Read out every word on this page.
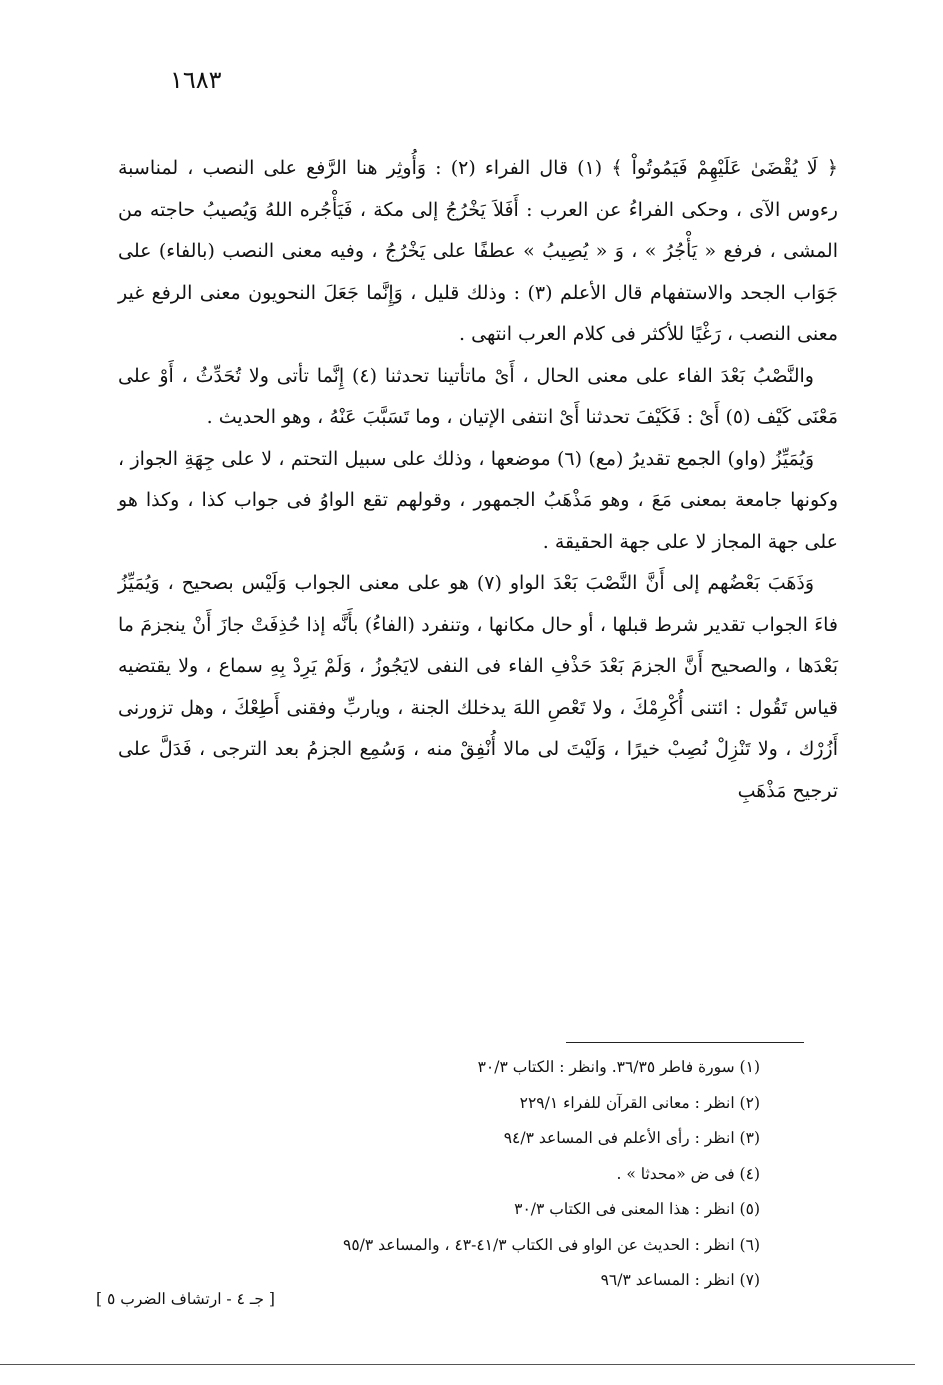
١٦٨٣

﴿ لَا يُقْضَىٰ عَلَيْهِمْ فَيَمُوتُواْ ﴾ (١) قال الفراء (٢) : وَأُوثِر هنا الرَّفع على النصب ، لمناسبة رءوس الآى ، وحكى الفراءُ عن العرب : أَفَلاَ يَخْرُجُ إلى مكة ، فَيَأْجُره اللهُ وَيُصيبُ حاجته من المشى ، فرفع « يَأْجُرُ » ، وَ « يُصِيبُ » عطفًا على يَخْرُجُ ، وفيه معنى النصب (بالفاء) على جَوَاب الجحد والاستفهام قال الأعلم (٣) : وذلك قليل ، وَإِنَّما جَعَلَ النحويون معنى الرفع غير معنى النصب ، رَغْيًا للأكثر فى كلام العرب انتهى .

والنَّصْبُ بَعْدَ الفاء على معنى الحال ، أَىْ ماتأتينا تحدثنا (٤) إِنَّما تأتى ولا تُحَدِّثُ ، أَوْ على مَعْنَى كَيْف (٥) أَىْ : فَكَيْفَ تحدثنا أَىْ انتفى الإتيان ، وما تَسَبَّبَ عَنْهُ ، وهو الحديث .

وَيُمَيِّزُ (واو) الجمع تقديرُ (مع) (٦) موضعها ، وذلك على سبيل التحتم ، لا على جِهَةِ الجواز ، وكونها جامعة بمعنى مَعَ ، وهو مَذْهَبُ الجمهور ، وقولهم تقع الواوُ فى جواب كذا ، وكذا هو على جهة المجاز لا على جهة الحقيقة .

وَذَهَبَ بَعْضُهم إلى أَنَّ النَّصْبَ بَعْدَ الواو (٧) هو على معنى الجواب وَلَيْس بصحيح ، وَيُمَيِّزُ فاءَ الجواب تقدير شرط قبلها ، أو حال مكانها ، وتنفرد (الفاءُ) بأَنَّه إذا حُذِفَتْ جازَ أَنْ ينجزمَ ما بَعْدَها ، والصحيح أَنَّ الجزمَ بَعْدَ حَذْفِ الفاء فى النفى لايَجُوزُ ، وَلَمْ يَرِدْ بِهِ سماع ، ولا يقتضيه قياس تَقُول : ائتنى أُكْرِمْكَ ، ولا تَعْصِ اللهَ يدخلك الجنة ، وياربِّ وفقنى أَطِعْكَ ، وهل تزورنى أَزُرْك ، ولا تَنْزِلْ نُصِبْ خيرًا ، وَلَيْتَ لى مالا أُنْفِقْ منه ، وَسُمِع الجزمُ بعد الترجى ، فَدَلَّ على ترجيح مَذْهَبِ

(١) سورة فاطر ٣٦/٣٥. وانظر : الكتاب ٣٠/٣
(٢) انظر : معانى القرآن للفراء ٢٢٩/١
(٣) انظر : رأى الأعلم فى المساعد ٩٤/٣
(٤) فى ض «محدثا » .
(٥) انظر : هذا المعنى فى الكتاب ٣٠/٣
(٦) انظر : الحديث عن الواو فى الكتاب ٤١/٣-٤٣ ، والمساعد ٩٥/٣
(٧) انظر : المساعد ٩٦/٣
[ جـ ٤ - ارتشاف الضرب ٥ ]
